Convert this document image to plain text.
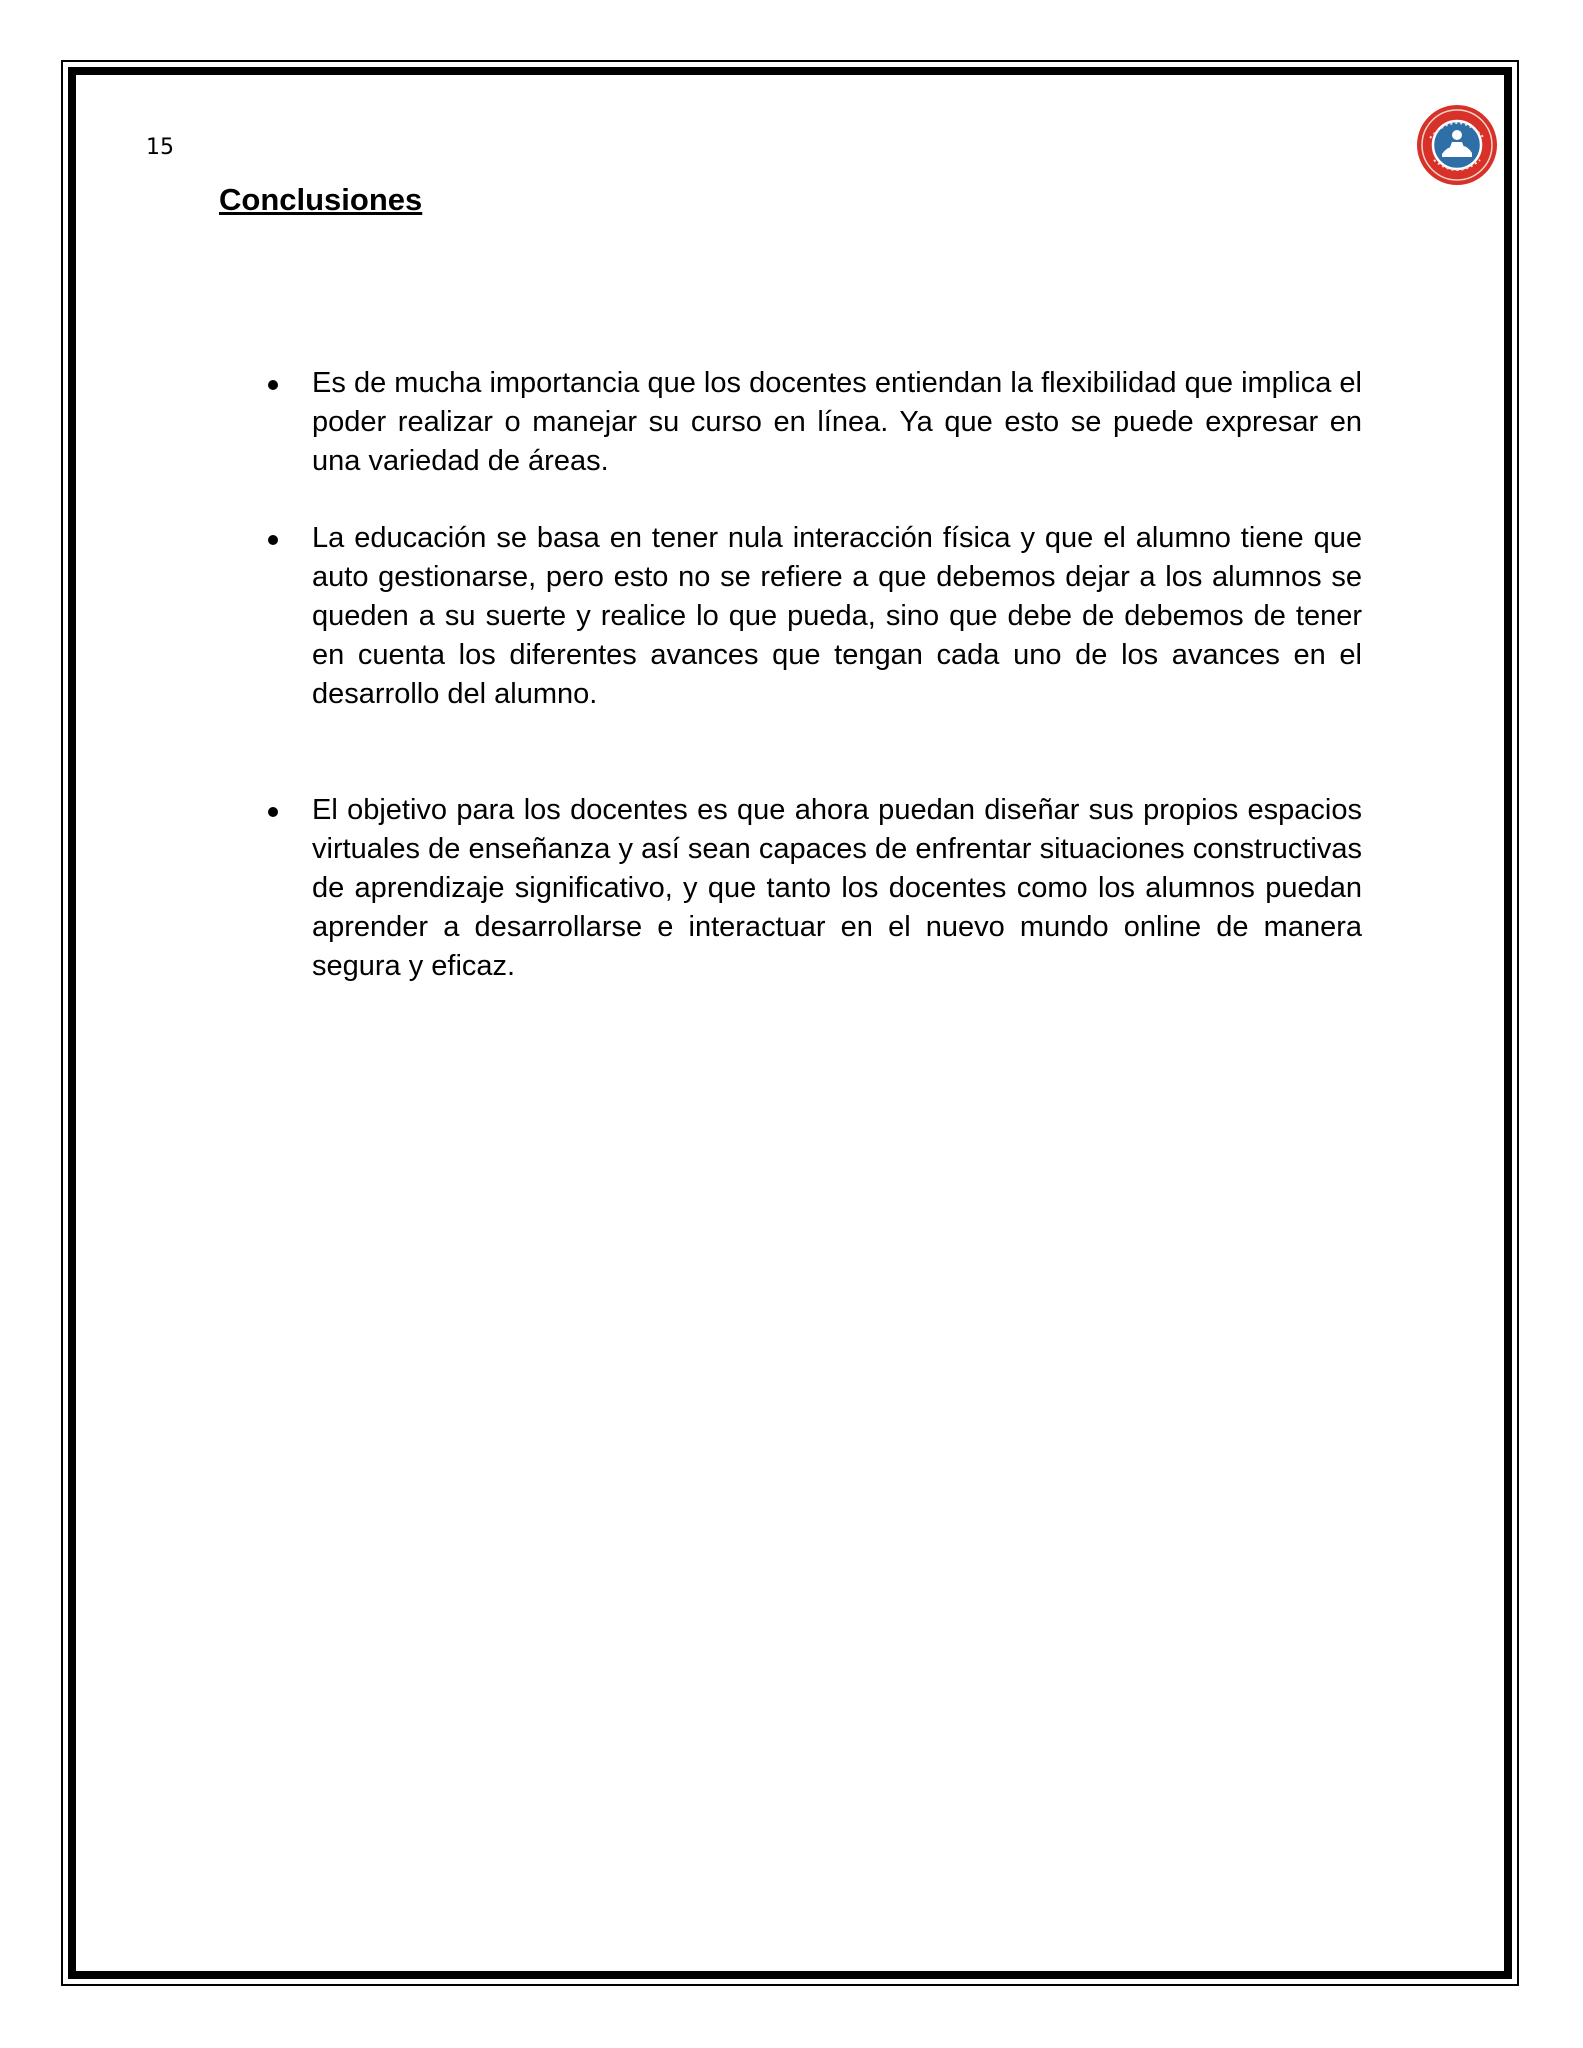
15
Conclusiones
Es de mucha importancia que los docentes entiendan la flexibilidad que implica el poder realizar o manejar su curso en línea. Ya que esto se puede expresar en una variedad de áreas.
La educación se basa en tener nula interacción física y que el alumno tiene que auto gestionarse, pero esto no se refiere a que debemos dejar a los alumnos se queden a su suerte y realice lo que pueda, sino que debe de debemos de tener en cuenta los diferentes avances que tengan cada uno de los avances en el desarrollo del alumno.
El objetivo para los docentes es que ahora puedan diseñar sus propios espacios virtuales de enseñanza y así sean capaces de enfrentar situaciones constructivas de aprendizaje significativo, y que tanto los docentes como los alumnos puedan aprender a desarrollarse e interactuar en el nuevo mundo online de manera segura y eficaz.
